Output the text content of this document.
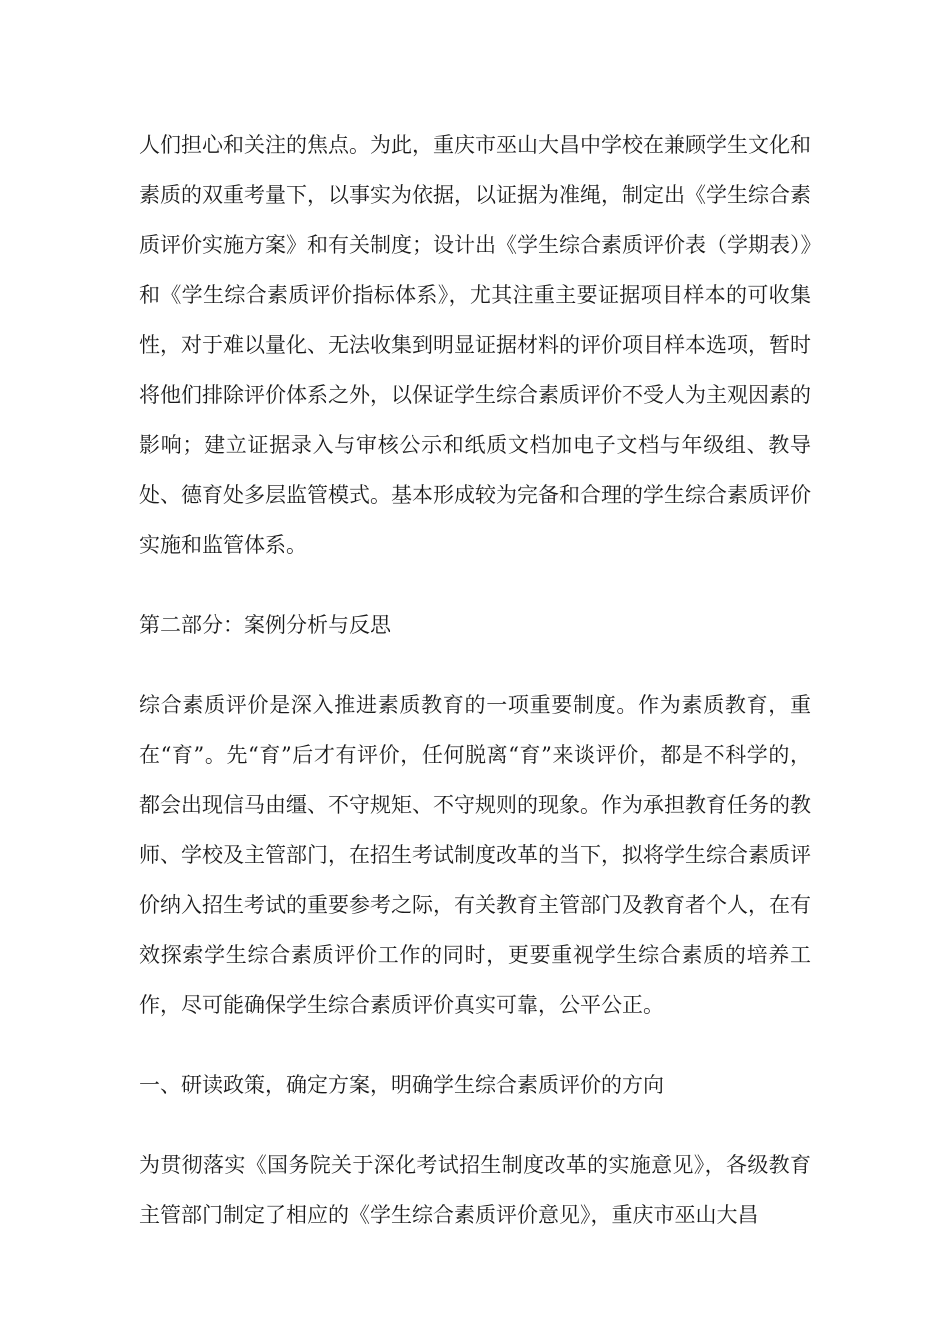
人们担心和关注的焦点。为此，重庆市巫山大昌中学校在兼顾学生文化和素质的双重考量下，以事实为依据，以证据为准绳，制定出《学生综合素质评价实施方案》和有关制度；设计出《学生综合素质评价表（学期表）》和《学生综合素质评价指标体系》，尤其注重主要证据项目样本的可收集性，对于难以量化、无法收集到明显证据材料的评价项目样本选项，暂时将他们排除评价体系之外，以保证学生综合素质评价不受人为主观因素的影响；建立证据录入与审核公示和纸质文档加电子文档与年级组、教导处、德育处多层监管模式。基本形成较为完备和合理的学生综合素质评价实施和监管体系。

第二部分：案例分析与反思

综合素质评价是深入推进素质教育的一项重要制度。作为素质教育，重在“育”。先“育”后才有评价，任何脱离“育”来谈评价，都是不科学的，都会出现信马由缰、不守规矩、不守规则的现象。作为承担教育任务的教师、学校及主管部门，在招生考试制度改革的当下，拟将学生综合素质评价纳入招生考试的重要参考之际，有关教育主管部门及教育者个人，在有效探索学生综合素质评价工作的同时，更要重视学生综合素质的培养工作，尽可能确保学生综合素质评价真实可靠，公平公正。

一、研读政策，确定方案，明确学生综合素质评价的方向

为贯彻落实《国务院关于深化考试招生制度改革的实施意见》，各级教育主管部门制定了相应的《学生综合素质评价意见》，重庆市巫山大昌
